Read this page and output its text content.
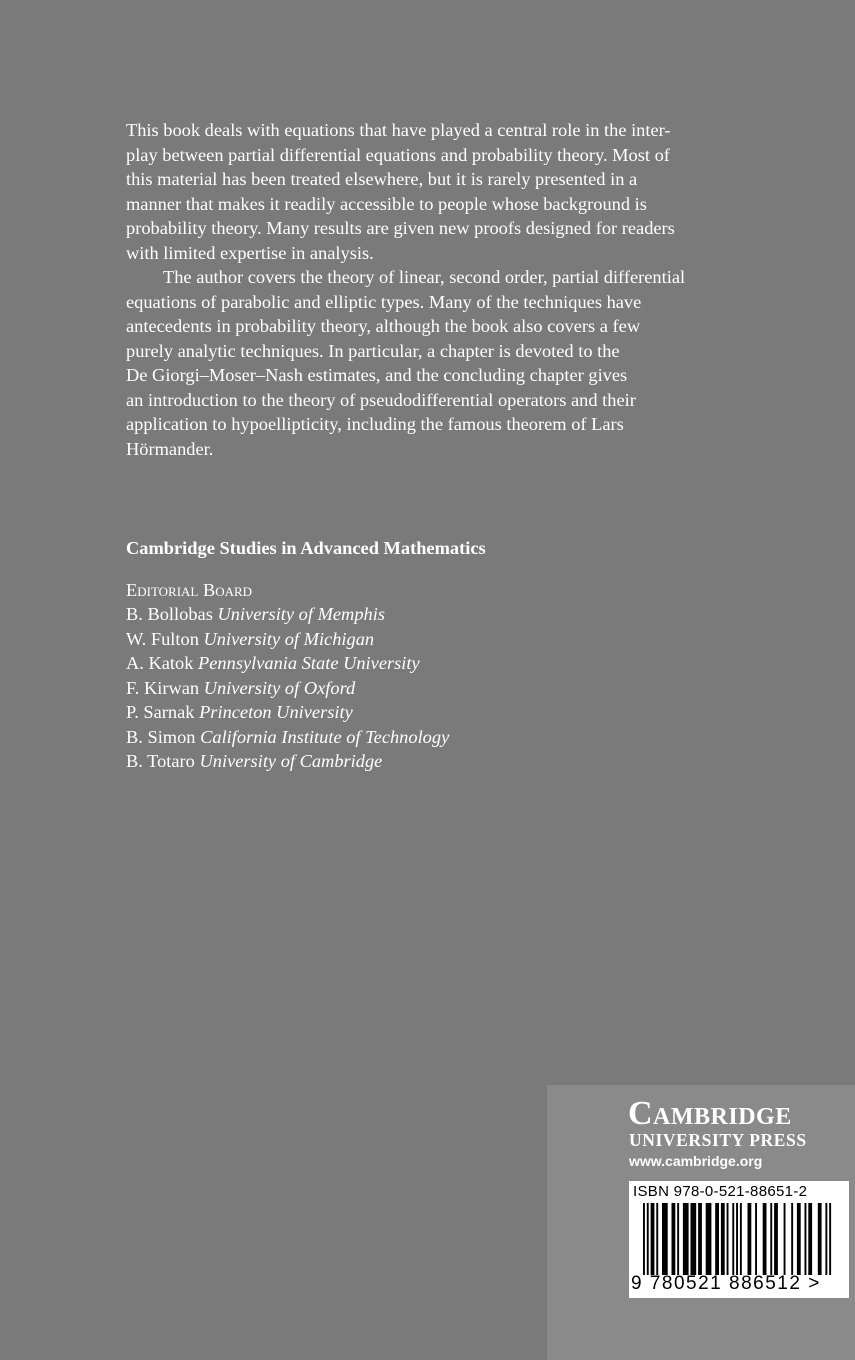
This book deals with equations that have played a central role in the inter-
play between partial differential equations and probability theory. Most of
this material has been treated elsewhere, but it is rarely presented in a
manner that makes it readily accessible to people whose background is
probability theory. Many results are given new proofs designed for readers
with limited expertise in analysis.

The author covers the theory of linear, second order, partial differential
equations of parabolic and elliptic types. Many of the techniques have
antecedents in probability theory, although the book also covers a few
purely analytic techniques. In particular, a chapter is devoted to the
De Giorgi–Moser–Nash estimates, and the concluding chapter gives
an introduction to the theory of pseudodifferential operators and their
application to hypoellipticity, including the famous theorem of Lars
Hörmander.

Cambridge Studies in Advanced Mathematics

Editorial Board

B. Bollobas University of Memphis

W. Fulton University of Michigan

A. Katok Pennsylvania State University

F. Kirwan University of Oxford

P. Sarnak Princeton University

B. Simon California Institute of Technology

B. Totaro University of Cambridge

Cambridge
UNIVERSITY PRESS
www.cambridge.org
ISBN 978-0-521-88651-2
9 780521 886512 >
